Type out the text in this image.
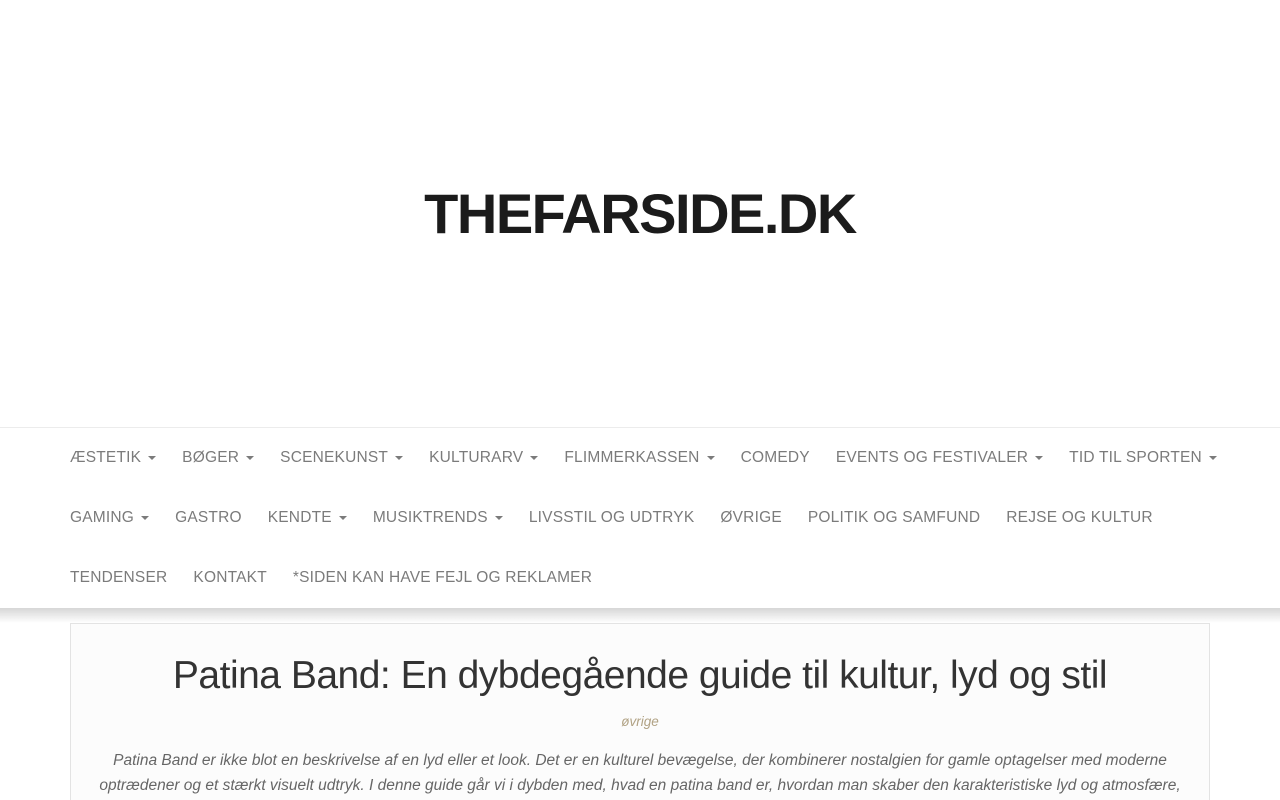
THEFARSIDE.DK
ÆSTETIK	BØGER	SCENEKUNST	KULTURARV	FLIMMERKASSEN	COMEDY EVENTS OG FESTIVALER	TID TIL SPORTEN
GAMING	GASTRO KENDTE	MUSIKTRENDS	LIVSSTIL OG UDTRYK ØVRIGE POLITIK OG SAMFUND REJSE OG KULTUR
TENDENSER KONTAKT *SIDEN KAN HAVE FEJL OG REKLAMER
Patina Band: En dybdegående guide til kultur, lyd og stil
øvrige

Patina Band er ikke blot en beskrivelse af en lyd eller et look. Det er en kulturel bevægelse, der kombinerer nostalgien for gamle optagelser med moderne optrædener og et stærkt visuelt udtryk. I denne guide går vi i dybden med, hvad en patina band er, hvordan man skaber den karakteristiske lyd og atmosfære,
